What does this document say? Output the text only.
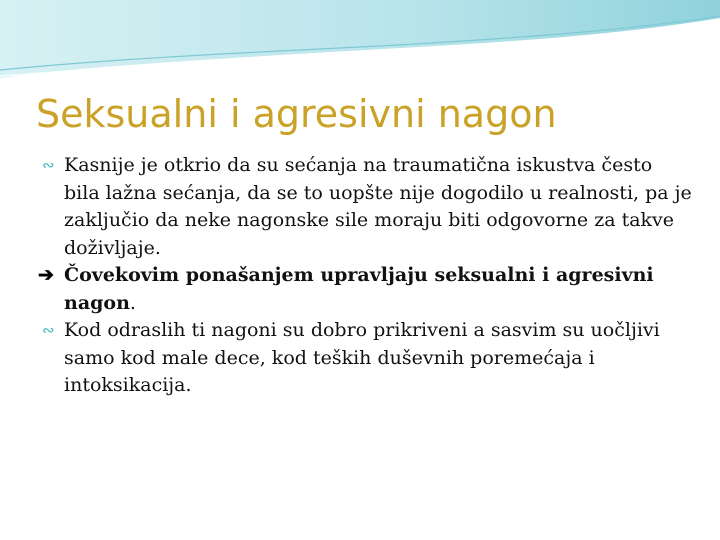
Seksualni i agresivni nagon
∾ Kasnije je otkrio da su sećanja na traumatična iskustva često bila lažna sećanja, da se to uopšte nije dogodilo u realnosti, pa je zaključio da neke nagonske sile moraju biti odgovorne za takve doživljaje.
➔ Čovekovim ponašanjem upravljaju seksualni i agresivni nagon.
∾ Kod odraslih ti nagoni su dobro prikriveni a sasvim su uočljivi samo kod male dece, kod teških duševnih poremećaja i intoksikacija.
